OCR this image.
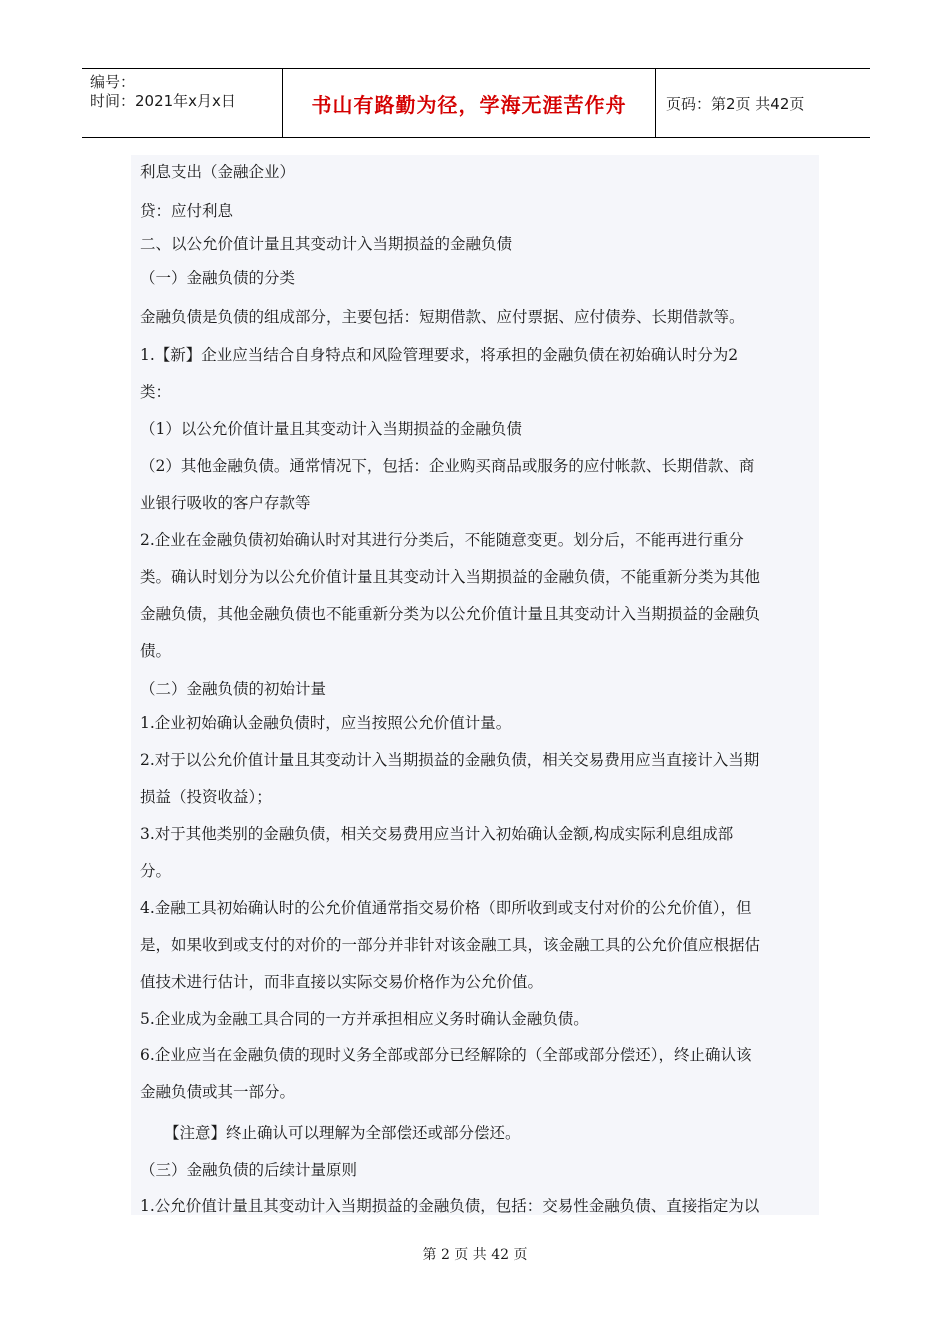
编号：
时间：2021年x月x日	书山有路勤为径，学海无涯苦作舟	页码：第2页 共42页
利息支出（金融企业）
贷：应付利息
二、以公允价值计量且其变动计入当期损益的金融负债
（一）金融负债的分类
金融负债是负债的组成部分，主要包括：短期借款、应付票据、应付债券、长期借款等。
1.【新】企业应当结合自身特点和风险管理要求，将承担的金融负债在初始确认时分为2
类：
（1）以公允价值计量且其变动计入当期损益的金融负债
（2）其他金融负债。通常情况下，包括：企业购买商品或服务的应付帐款、长期借款、商
业银行吸收的客户存款等
2.企业在金融负债初始确认时对其进行分类后，不能随意变更。划分后，不能再进行重分
类。确认时划分为以公允价值计量且其变动计入当期损益的金融负债，不能重新分类为其他
金融负债，其他金融负债也不能重新分类为以公允价值计量且其变动计入当期损益的金融负
债。
（二）金融负债的初始计量
1.企业初始确认金融负债时，应当按照公允价值计量。
2.对于以公允价值计量且其变动计入当期损益的金融负债，相关交易费用应当直接计入当期
损益（投资收益）；
3.对于其他类别的金融负债，相关交易费用应当计入初始确认金额,构成实际利息组成部
分。
4.金融工具初始确认时的公允价值通常指交易价格（即所收到或支付对价的公允价值），但
是，如果收到或支付的对价的一部分并非针对该金融工具，该金融工具的公允价值应根据估
值技术进行估计，而非直接以实际交易价格作为公允价值。
5.企业成为金融工具合同的一方并承担相应义务时确认金融负债。
6.企业应当在金融负债的现时义务全部或部分已经解除的（全部或部分偿还），终止确认该
金融负债或其一部分。
【注意】终止确认可以理解为全部偿还或部分偿还。
（三）金融负债的后续计量原则
1.公允价值计量且其变动计入当期损益的金融负债，包括：交易性金融负债、直接指定为以
第 2 页 共 42 页
